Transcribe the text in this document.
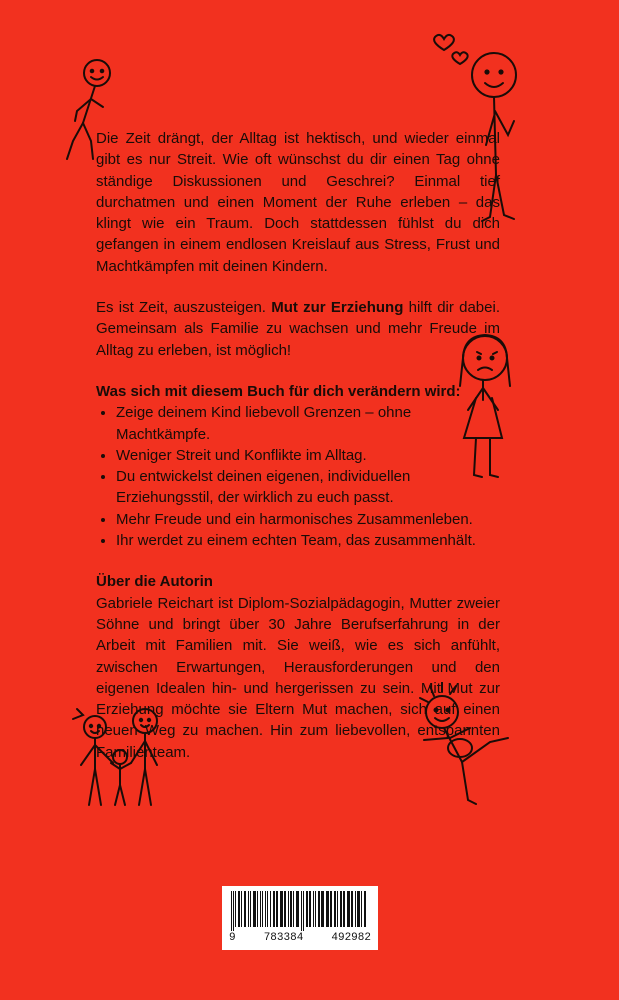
Die Zeit drängt, der Alltag ist hektisch, und wieder einmal gibt es nur Streit. Wie oft wünschst du dir einen Tag ohne ständige Diskussionen und Geschrei? Einmal tief durchatmen und einen Moment der Ruhe erleben – das klingt wie ein Traum. Doch stattdessen fühlst du dich gefangen in einem endlosen Kreislauf aus Stress, Frust und Machtkämpfen mit deinen Kindern.

Es ist Zeit, auszusteigen. Mut zur Erziehung hilft dir dabei. Gemeinsam als Familie zu wachsen und mehr Freude im Alltag zu erleben, ist möglich!

Was sich mit diesem Buch für dich verändern wird:
• Zeige deinem Kind liebevoll Grenzen – ohne Machtkämpfe.
• Weniger Streit und Konflikte im Alltag.
• Du entwickelst deinen eigenen, individuellen Erziehungsstil, der wirklich zu euch passt.
• Mehr Freude und ein harmonisches Zusammenleben.
• Ihr werdet zu einem echten Team, das zusammenhält.
Über die Autorin

Gabriele Reichart ist Diplom-Sozialpädagogin, Mutter zweier Söhne und bringt über 30 Jahre Berufserfahrung in der Arbeit mit Familien mit. Sie weiß, wie es sich anfühlt, zwischen Erwartungen, Herausforderungen und den eigenen Idealen hin- und hergerissen zu sein. Mit Mut zur Erziehung möchte sie Eltern Mut machen, sich auf einen neuen Weg zu machen. Hin zum liebevollen, entspannten Familienteam.

9	783384	492982
